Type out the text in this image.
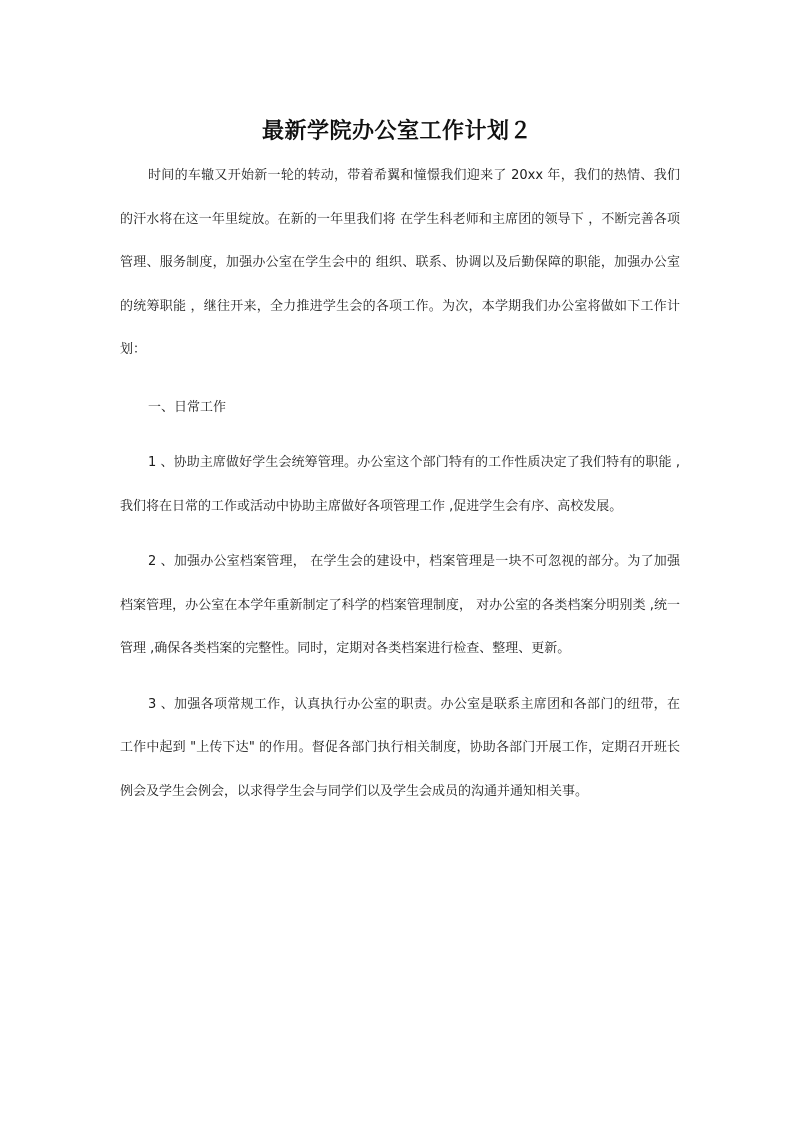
最新学院办公室工作计划２

时间的车辙又开始新一轮的转动，带着希翼和憧憬我们迎来了 20xx 年，我们的热情、我们的汗水将在这一年里绽放。在新的一年里我们将 在学生科老师和主席团的领导下 ，不断完善各项管理、服务制度，加强办公室在学生会中的 组织、联系、协调以及后勤保障的职能，加强办公室的统筹职能 ，继往开来，全力推进学生会的各项工作。为次，本学期我们办公室将做如下工作计划：

一、日常工作

1 、协助主席做好学生会统筹管理。办公室这个部门特有的工作性质决定了我们特有的职能 ,我们将在日常的工作或活动中协助主席做好各项管理工作 ,促进学生会有序、高校发展。

2 、加强办公室档案管理， 在学生会的建设中，档案管理是一块不可忽视的部分。为了加强档案管理，办公室在本学年重新制定了科学的档案管理制度， 对办公室的各类档案分明别类 ,统一管理 ,确保各类档案的完整性。同时，定期对各类档案进行检查、整理、更新。

3 、加强各项常规工作，认真执行办公室的职责。办公室是联系主席团和各部门的纽带，在工作中起到 "上传下达" 的作用。督促各部门执行相关制度，协助各部门开展工作，定期召开班长例会及学生会例会，以求得学生会与同学们以及学生会成员的沟通并通知相关事。
